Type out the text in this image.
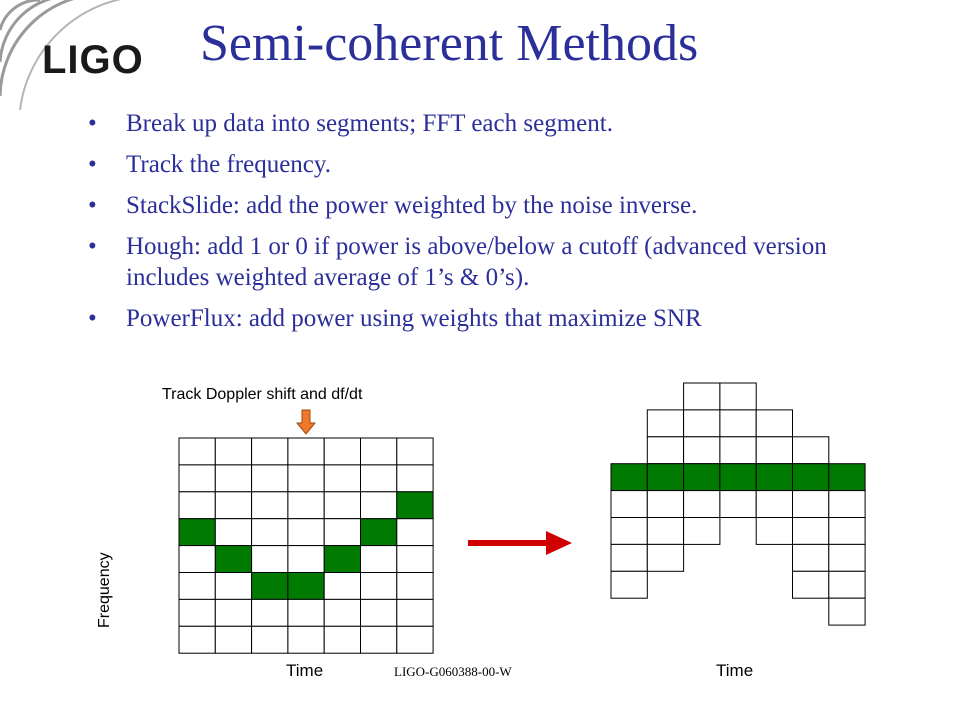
LIGO Semi-coherent Methods
• Break up data into segments; FFT each segment.
• Track the frequency.
• StackSlide: add the power weighted by the noise inverse.
• Hough: add 1 or 0 if power is above/below a cutoff (advanced version includes weighted average of 1’s & 0’s).
• PowerFlux: add power using weights that maximize SNR
Track Doppler shift and df/dt
Frequency
Time	Time
LIGO-G060388-00-W
